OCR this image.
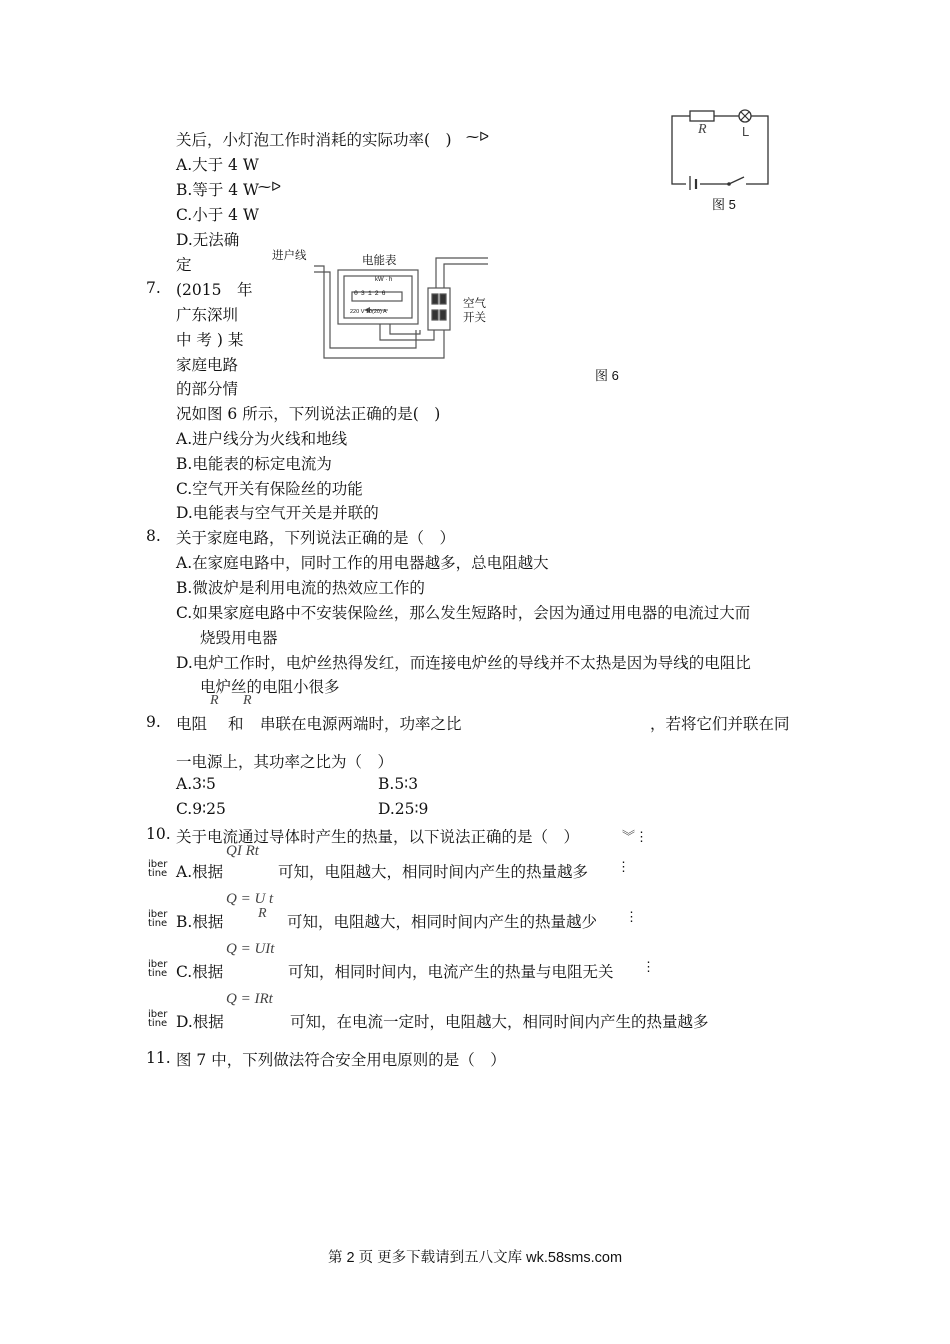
关后，小灯泡工作时消耗的实际功率(　) ⁓ᐅ
A.大于 4 W
B.等于 4 W ⁓ᐅ
C.小于 4 W
D.无法确
定
R	L
图 5
进户线	电能表
kW · h
03126
220 V 10(20) A
空气
开关
图 6
7. (2015　年
广东深圳
中 考 ) 某
家庭电路
的部分情
况如图 6 所示，下列说法正确的是(　)
A.进户线分为火线和地线
B.电能表的标定电流为
C.空气开关有保险丝的功能
D.电能表与空气开关是并联的
8. 关于家庭电路，下列说法正确的是（　）
A.在家庭电路中，同时工作的用电器越多，总电阻越大
B.微波炉是利用电流的热效应工作的
C.如果家庭电路中不安装保险丝，那么发生短路时，会因为通过用电器的电流过大而
烧毁用电器
D.电炉工作时，电炉丝热得发红，而连接电炉丝的导线并不太热是因为导线的电阻比
电炉丝的电阻小很多
R R
9. 电阻 和 串联在电源两端时，功率之比	，若将它们并联在同
一电源上，其功率之比为（　）
A.3∶5	B.5∶3
C.9∶25	D.25∶9
10. 关于电流通过导体时产生的热量，以下说法正确的是（　）	︾⋮
iber
tine A.根据
QI Rt
可知，电阻越大，相同时间内产生的热量越多 ⋮
iber
tine B.根据
Q = U t
R 可知，电阻越大，相同时间内产生的热量越少 ⋮
iber
tine C.根据
Q = UIt
可知，相同时间内，电流产生的热量与电阻无关 ⋮
iber
tine D.根据
Q = IRt
可知，在电流一定时，电阻越大，相同时间内产生的热量越多
11. 图 7 中，下列做法符合安全用电原则的是（　）
第 2 页 更多下载请到五八文库 wk.58sms.com
